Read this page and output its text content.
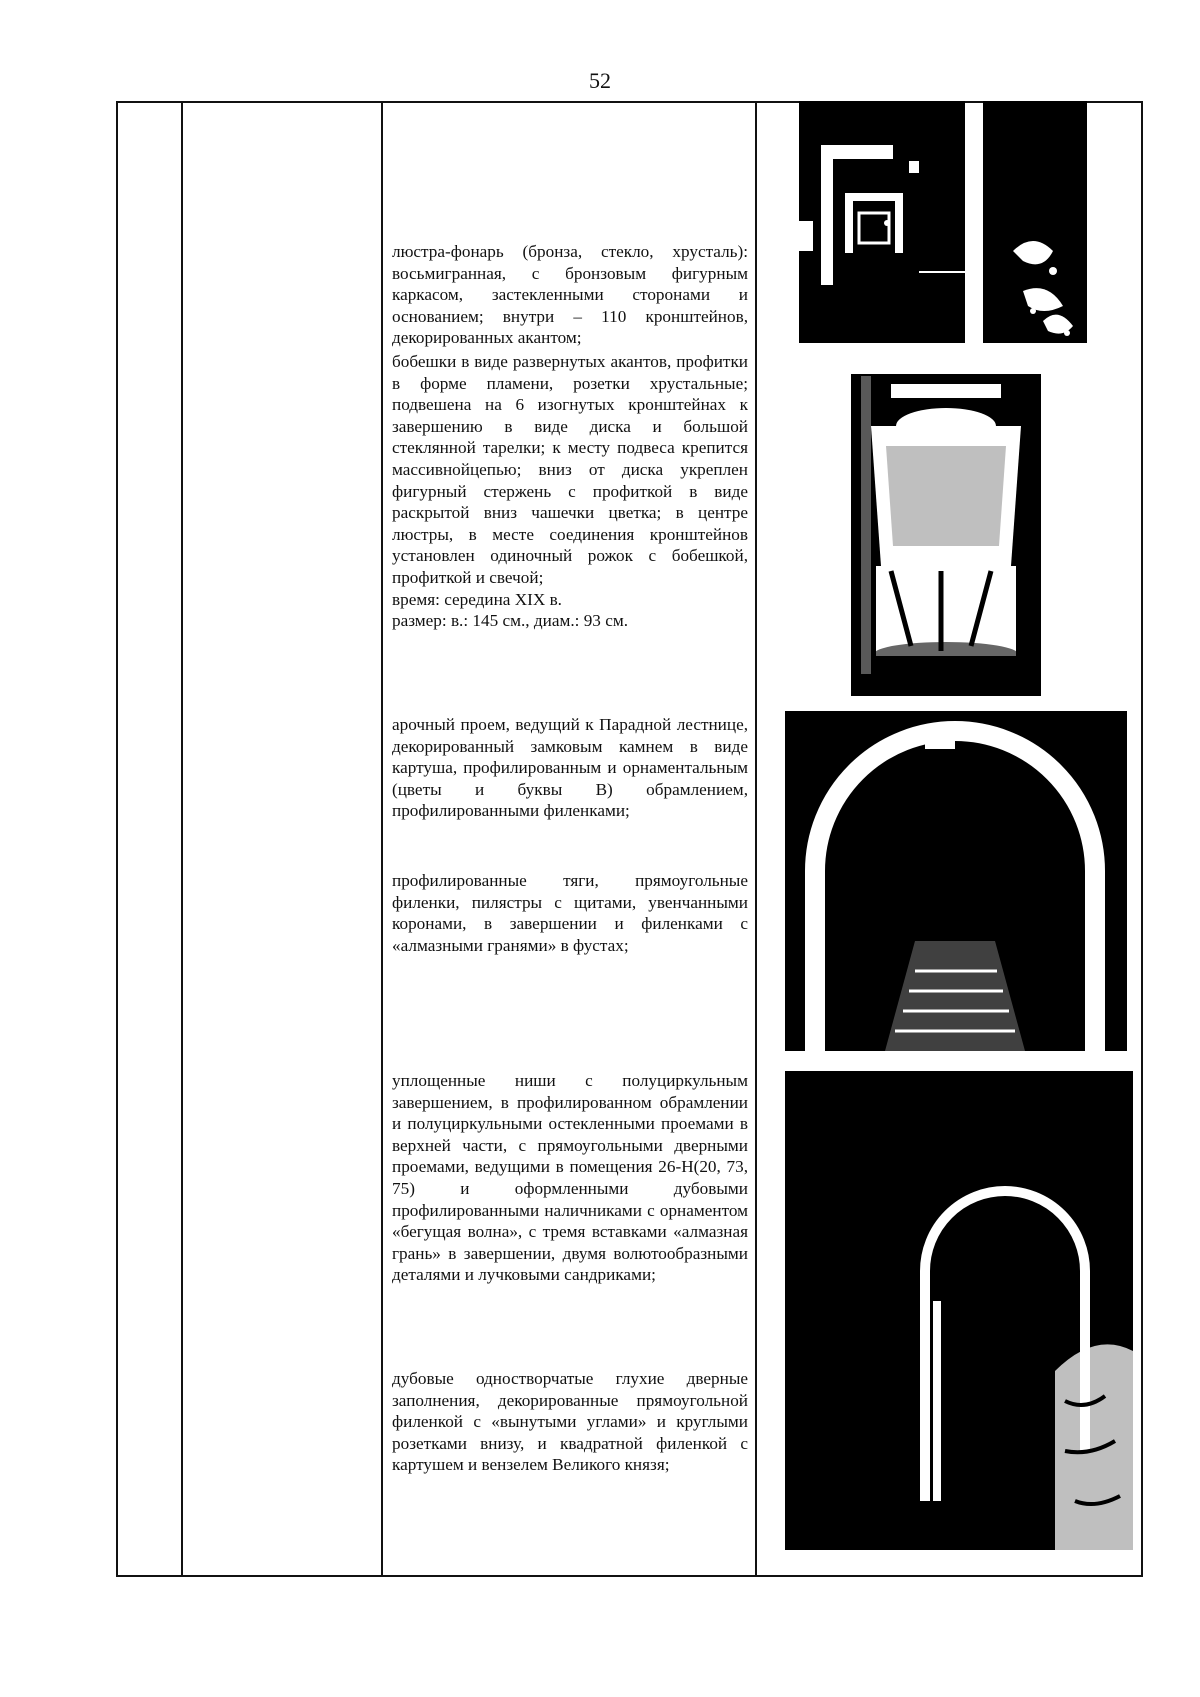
52

люстра-фонарь (бронза, стекло, хрусталь): восьмигранная, с бронзовым фигурным каркасом, застекленными сторонами и основанием; внутри – 110 кронштейнов, декорированных акантом;

бобешки в виде развернутых акантов, профитки в форме пламени, розетки хрустальные; подвешена на 6 изогнутых кронштейнах к завершению в виде диска и большой стеклянной тарелки; к месту подвеса крепится массивнойцепью; вниз от диска укреплен фигурный стержень с профиткой в виде раскрытой вниз чашечки цветка; в центре люстры, в месте соединения кронштейнов установлен одиночный рожок с бобешкой, профиткой и свечой;

время: середина XIX в.

размер: в.: 145 см., диам.: 93 см.

арочный проем, ведущий к Парадной лестнице, декорированный замковым камнем в виде картуша, профилированным и орнаментальным (цветы и буквы В) обрамлением, профилированными филенками;

профилированные тяги, прямоугольные филенки, пилястры с щитами, увенчанными коронами, в завершении и филенками с «алмазными гранями» в фустах;

уплощенные ниши с полуциркульным завершением, в профилированном обрамлении и полуциркульными остекленными проемами в верхней части, с прямоугольными дверными проемами, ведущими в помещения 26-Н(20, 73, 75) и оформленными дубовыми профилированными наличниками с орнаментом «бегущая волна», с тремя вставками «алмазная грань» в завершении, двумя волютообразными деталями и лучковыми сандриками;

дубовые одностворчатые глухие дверные заполнения, декорированные прямоугольной филенкой с «вынутыми углами» и круглыми розетками внизу, и квадратной филенкой с картушем и вензелем Великого князя;
